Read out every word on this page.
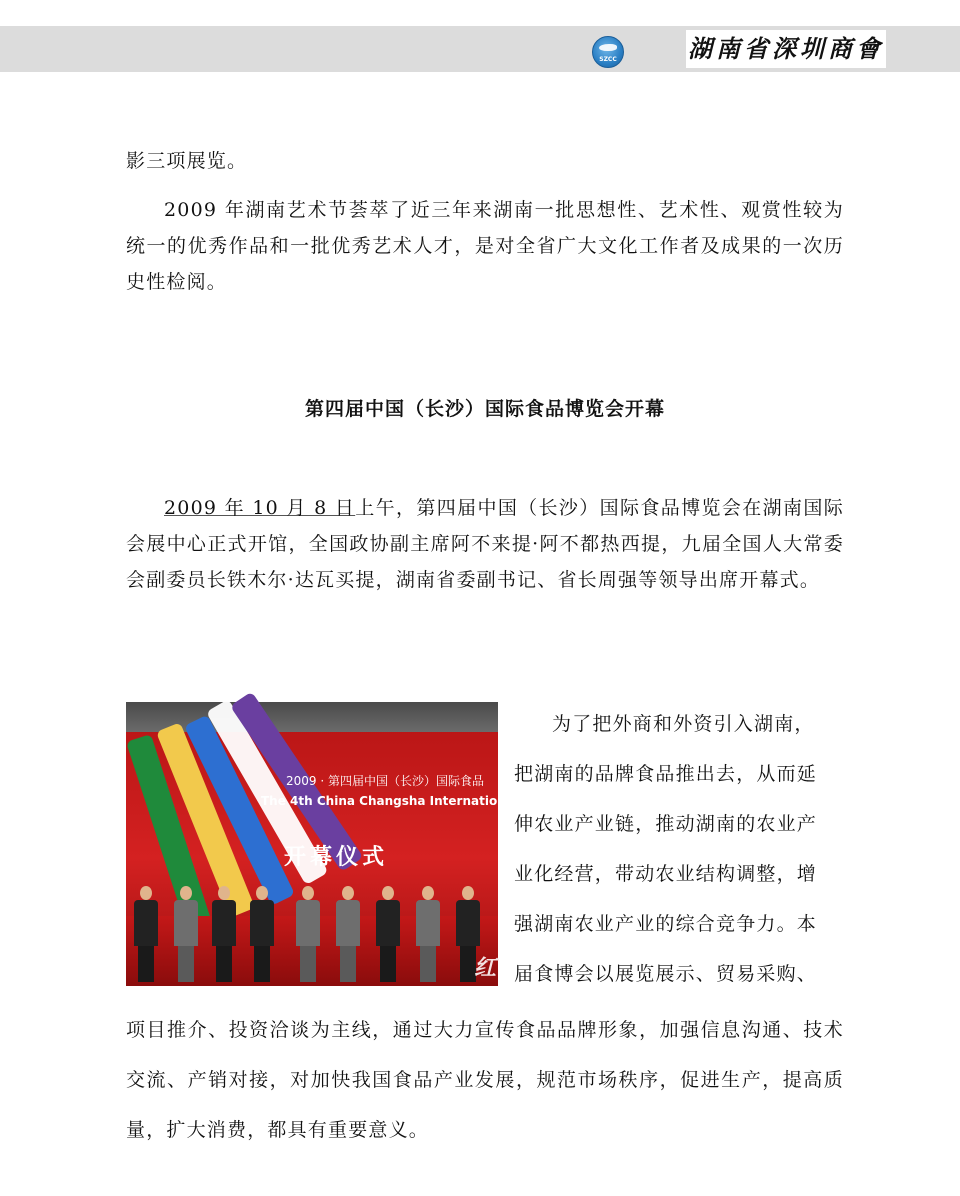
SZCC	湖南省深圳商會
影三项展览。
2009 年湖南艺术节荟萃了近三年来湖南一批思想性、艺术性、观赏性较为统一的优秀作品和一批优秀艺术人才，是对全省广大文化工作者及成果的一次历史性检阅。
第四届中国（长沙）国际食品博览会开幕
2009 年 10 月 8 日上午，第四届中国（长沙）国际食品博览会在湖南国际会展中心正式开馆，全国政协副主席阿不来提·阿不都热西提，九届全国人大常委会副委员长铁木尔·达瓦买提，湖南省委副书记、省长周强等领导出席开幕式。
2009 · 第四届中国（长沙）国际食品
The 4th China Changsha International Food
开幕仪式
红
为了把外商和外资引入湖南，
把湖南的品牌食品推出去，从而延
伸农业产业链，推动湖南的农业产
业化经营，带动农业结构调整，增
强湖南农业产业的综合竞争力。本
届食博会以展览展示、贸易采购、
项目推介、投资洽谈为主线，通过大力宣传食品品牌形象，加强信息沟通、技术交流、产销对接，对加快我国食品产业发展，规范市场秩序，促进生产，提高质量，扩大消费，都具有重要意义。
